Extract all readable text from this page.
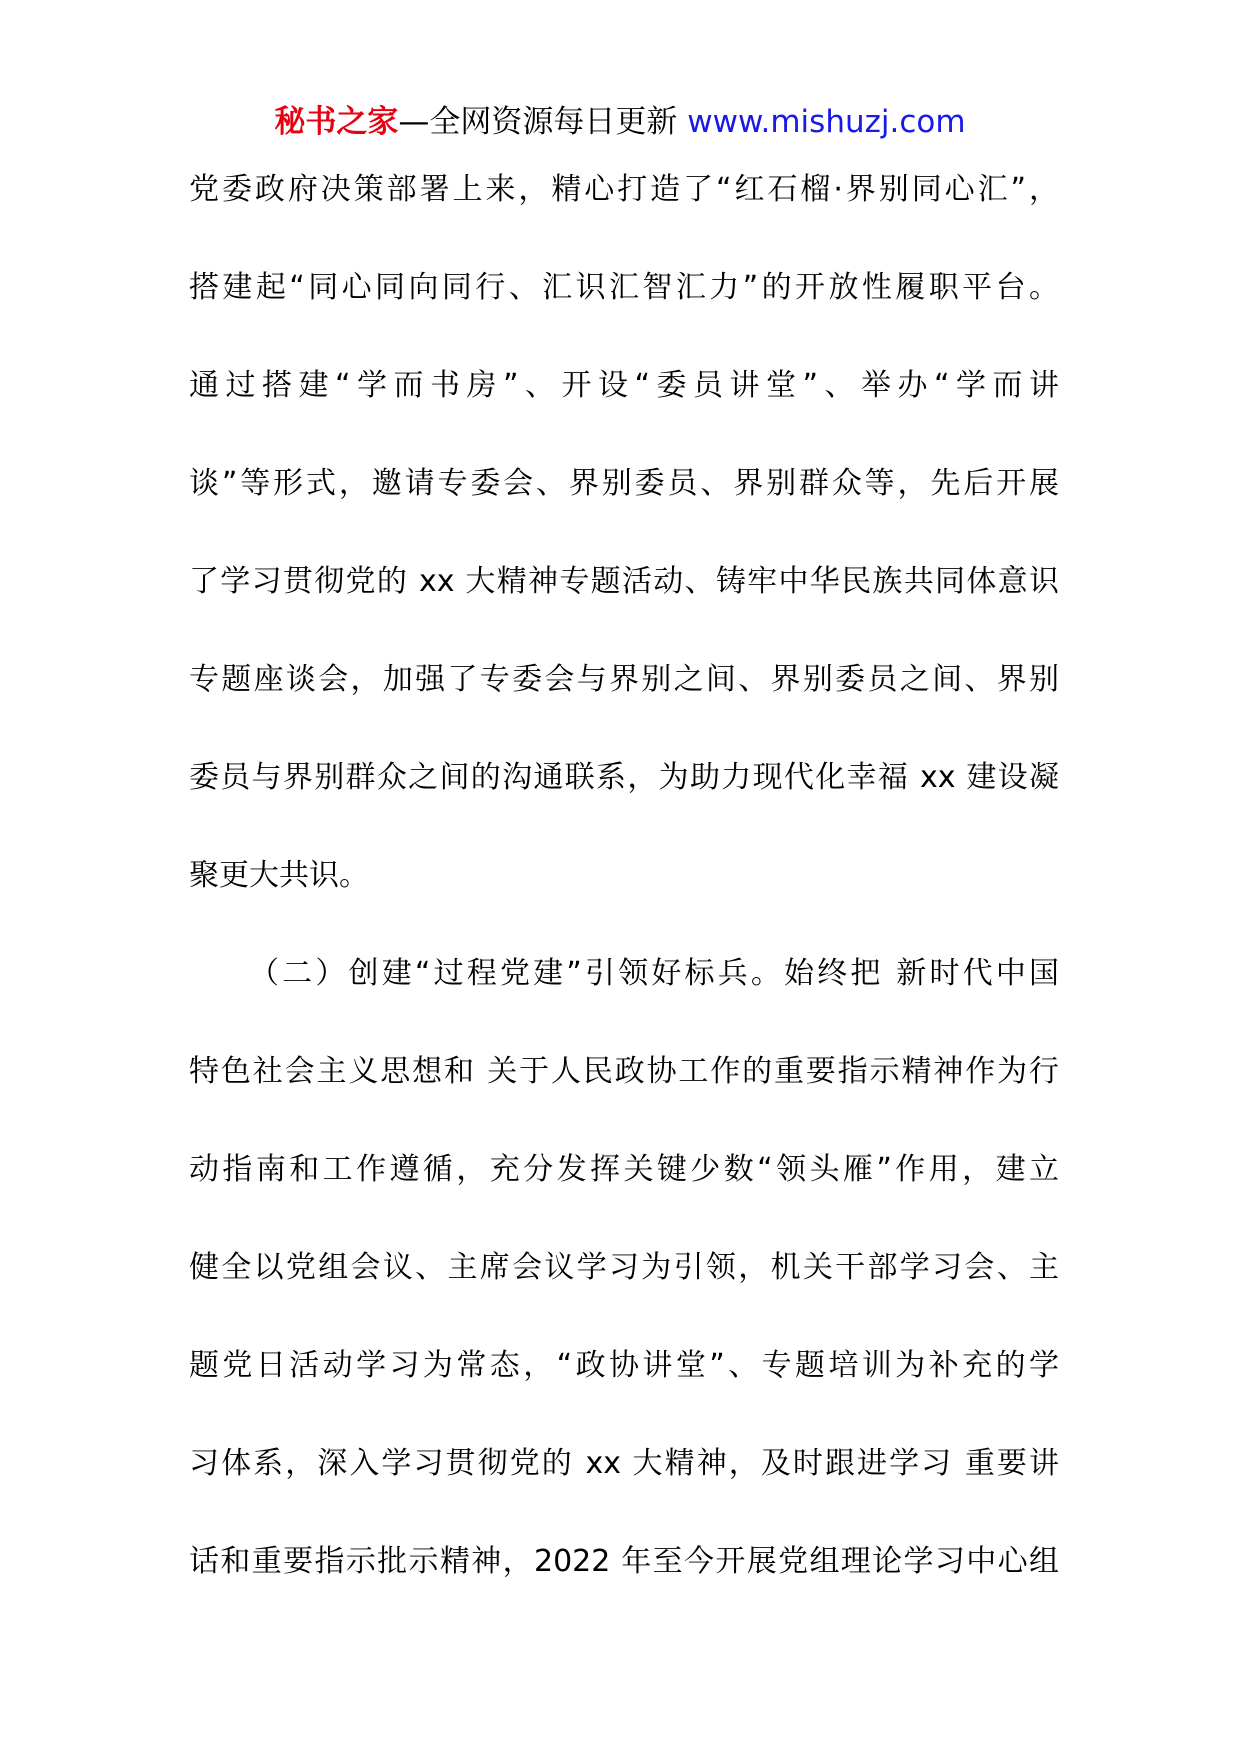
秘书之家—全网资源每日更新 www.mishuzj.com
党委政府决策部署上来，精心打造了“红石榴·界别同心汇”，
搭建起“同心同向同行、汇识汇智汇力”的开放性履职平台。
通过搭建“学而书房”、开设“委员讲堂”、举办“学而讲
谈”等形式，邀请专委会、界别委员、界别群众等，先后开展
了学习贯彻党的 xx 大精神专题活动、铸牢中华民族共同体意识
专题座谈会，加强了专委会与界别之间、界别委员之间、界别
委员与界别群众之间的沟通联系，为助力现代化幸福 xx 建设凝
聚更大共识。
（二）创建“过程党建”引领好标兵。始终把 新时代中国
特色社会主义思想和 关于人民政协工作的重要指示精神作为行
动指南和工作遵循，充分发挥关键少数“领头雁”作用，建立
健全以党组会议、主席会议学习为引领，机关干部学习会、主
题党日活动学习为常态，“政协讲堂”、专题培训为补充的学
习体系，深入学习贯彻党的 xx 大精神，及时跟进学习 重要讲
话和重要指示批示精神，2022 年至今开展党组理论学习中心组
